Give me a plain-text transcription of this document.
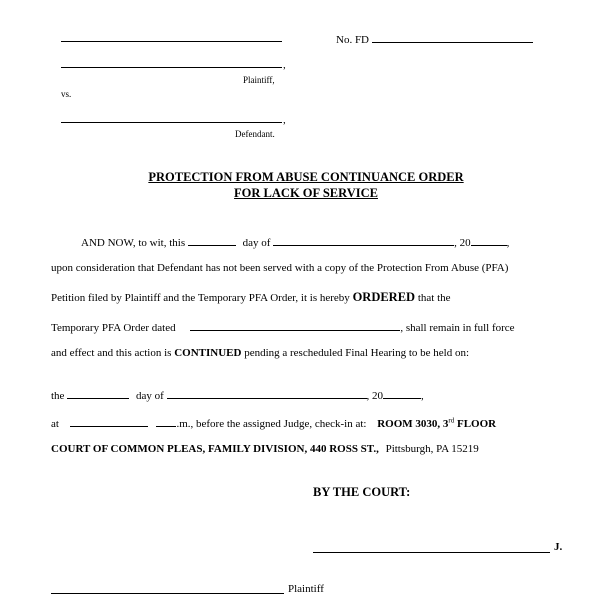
No. FD
,
Plaintiff,
vs.
,
Defendant.
PROTECTION FROM ABUSE CONTINUANCE ORDER
FOR LACK OF SERVICE
AND NOW, to wit, this	day of	, 20	,
upon consideration that Defendant has not been served with a copy of the Protection From Abuse (PFA)
Petition filed by Plaintiff and the Temporary PFA Order, it is hereby ORDERED that the
Temporary PFA Order dated	, shall remain in full force
and effect and this action is CONTINUED pending a rescheduled Final Hearing to be held on:
the	day of	, 20	,
at	.m., before the assigned Judge, check-in at: ROOM 3030, 3rd FLOOR
COURT OF COMMON PLEAS, FAMILY DIVISION, 440 ROSS ST., Pittsburgh, PA 15219
BY THE COURT:
J.
Plaintiff
